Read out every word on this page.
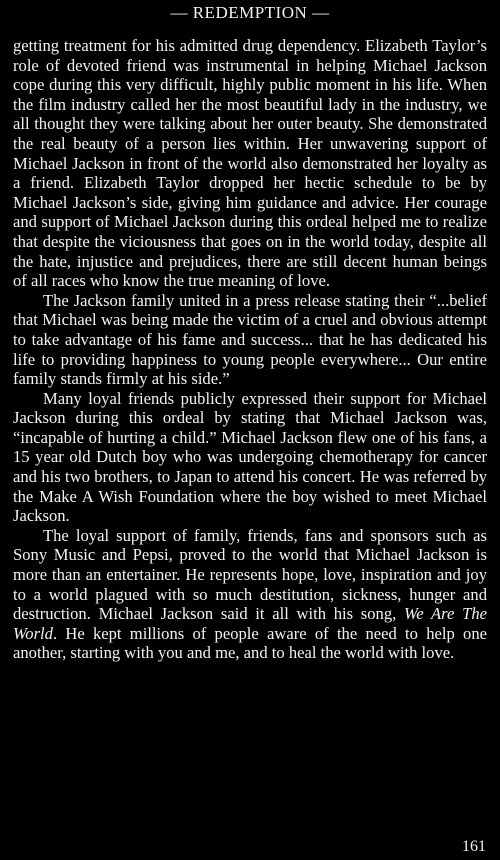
— REDEMPTION —

getting treatment for his admitted drug dependency. Elizabeth Taylor’s role of devoted friend was instrumental in helping Michael Jackson cope during this very difficult, highly public moment in his life. When the film industry called her the most beautiful lady in the industry, we all thought they were talking about her outer beauty. She demonstrated the real beauty of a person lies within. Her unwavering support of Michael Jackson in front of the world also demonstrated her loyalty as a friend. Elizabeth Taylor dropped her hectic schedule to be by Michael Jackson’s side, giving him guidance and advice. Her courage and support of Michael Jackson during this ordeal helped me to realize that despite the viciousness that goes on in the world today, despite all the hate, injustice and prejudices, there are still decent human beings of all races who know the true meaning of love.

The Jackson family united in a press release stating their “...belief that Michael was being made the victim of a cruel and obvious attempt to take advantage of his fame and success... that he has dedicated his life to providing happiness to young people everywhere... Our entire family stands firmly at his side.”

Many loyal friends publicly expressed their support for Michael Jackson during this ordeal by stating that Michael Jackson was, “incapable of hurting a child.” Michael Jackson flew one of his fans, a 15 year old Dutch boy who was undergoing chemotherapy for cancer and his two brothers, to Japan to attend his concert. He was referred by the Make A Wish Foundation where the boy wished to meet Michael Jackson.

The loyal support of family, friends, fans and sponsors such as Sony Music and Pepsi, proved to the world that Michael Jackson is more than an entertainer. He represents hope, love, inspiration and joy to a world plagued with so much destitution, sickness, hunger and destruction. Michael Jackson said it all with his song, We Are The World. He kept millions of people aware of the need to help one another, starting with you and me, and to heal the world with love.

161
